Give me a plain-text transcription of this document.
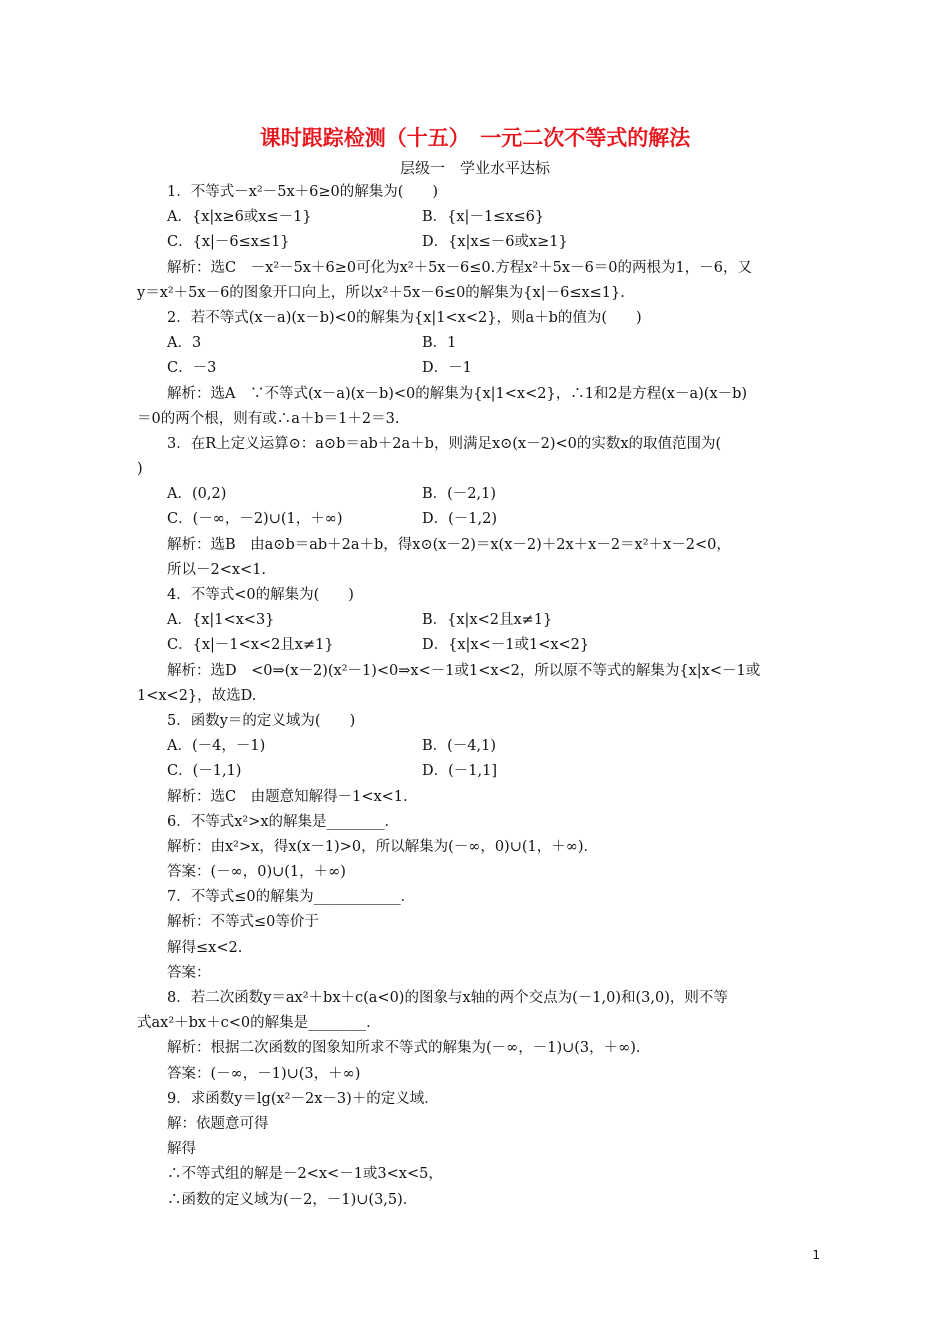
课时跟踪检测（十五）　一元二次不等式的解法
层级一　学业水平达标
1．不等式－x²－5x＋6≥0的解集为(　　)
A．{x|x≥6或x≤－1}	B．{x|－1≤x≤6}
C．{x|－6≤x≤1}	D．{x|x≤－6或x≥1}
解析：选C　－x²－5x＋6≥0可化为x²＋5x－6≤0.方程x²＋5x－6＝0的两根为1，－6，又
y＝x²＋5x－6的图象开口向上，所以x²＋5x－6≤0的解集为{x|－6≤x≤1}.
2．若不等式(x－a)(x－b)<0的解集为{x|1<x<2}，则a＋b的值为(　　)
A．3	B．1
C．－3	D．－1
解析：选A　∵不等式(x－a)(x－b)<0的解集为{x|1<x<2}，∴1和2是方程(x－a)(x－b)
＝0的两个根，则有或∴a＋b＝1＋2＝3.
3．在R上定义运算⊙：a⊙b＝ab＋2a＋b，则满足x⊙(x－2)<0的实数x的取值范围为(
)
A．(0,2)	B．(－2,1)
C．(－∞，－2)∪(1，＋∞)	D．(－1,2)
解析：选B　由a⊙b＝ab＋2a＋b，得x⊙(x－2)＝x(x－2)＋2x＋x－2＝x²＋x－2<0，
所以－2<x<1.
4．不等式<0的解集为(　　)
A．{x|1<x<3}	B．{x|x<2且x≠1}
C．{x|－1<x<2且x≠1}	D．{x|x<－1或1<x<2}
解析：选D　<0⇒(x－2)(x²－1)<0⇒x<－1或1<x<2，所以原不等式的解集为{x|x<－1或
1<x<2}，故选D.
5．函数y＝的定义域为(　　)
A．(－4，－1)	B．(－4,1)
C．(－1,1)	D．(－1,1]
解析：选C　由题意知解得－1<x<1.
6．不等式x²>x的解集是________．
解析：由x²>x，得x(x－1)>0，所以解集为(－∞，0)∪(1，＋∞)．
答案：(－∞，0)∪(1，＋∞)
7．不等式≤0的解集为____________．
解析：不等式≤0等价于
解得≤x<2.
答案：
8．若二次函数y＝ax²＋bx＋c(a<0)的图象与x轴的两个交点为(－1,0)和(3,0)，则不等
式ax²＋bx＋c<0的解集是________．
解析：根据二次函数的图象知所求不等式的解集为(－∞，－1)∪(3，＋∞)．
答案：(－∞，－1)∪(3，＋∞)
9．求函数y＝lg(x²－2x－3)＋的定义域．
解：依题意可得
解得
∴不等式组的解是－2<x<－1或3<x<5，
∴函数的定义域为(－2，－1)∪(3,5)．
1
